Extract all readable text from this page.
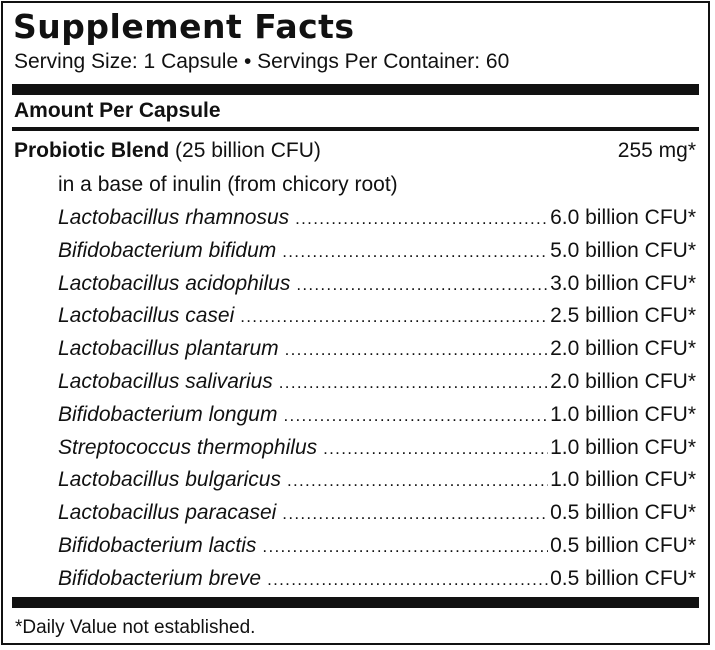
Supplement Facts
Serving Size: 1 Capsule • Servings Per Container: 60
Amount Per Capsule
Probiotic Blend (25 billion CFU)	255 mg*
in a base of inulin (from chicory root)
Lactobacillus rhamnosus .....	6.0 billion CFU*
Bifidobacterium bifidum .....	5.0 billion CFU*
Lactobacillus acidophilus .....	3.0 billion CFU*
Lactobacillus casei .....	2.5 billion CFU*
Lactobacillus plantarum .....	2.0 billion CFU*
Lactobacillus salivarius .....	2.0 billion CFU*
Bifidobacterium longum .....	1.0 billion CFU*
Streptococcus thermophilus .....	1.0 billion CFU*
Lactobacillus bulgaricus .....	1.0 billion CFU*
Lactobacillus paracasei .....	0.5 billion CFU*
Bifidobacterium lactis .....	0.5 billion CFU*
Bifidobacterium breve .....	0.5 billion CFU*
*Daily Value not established.
